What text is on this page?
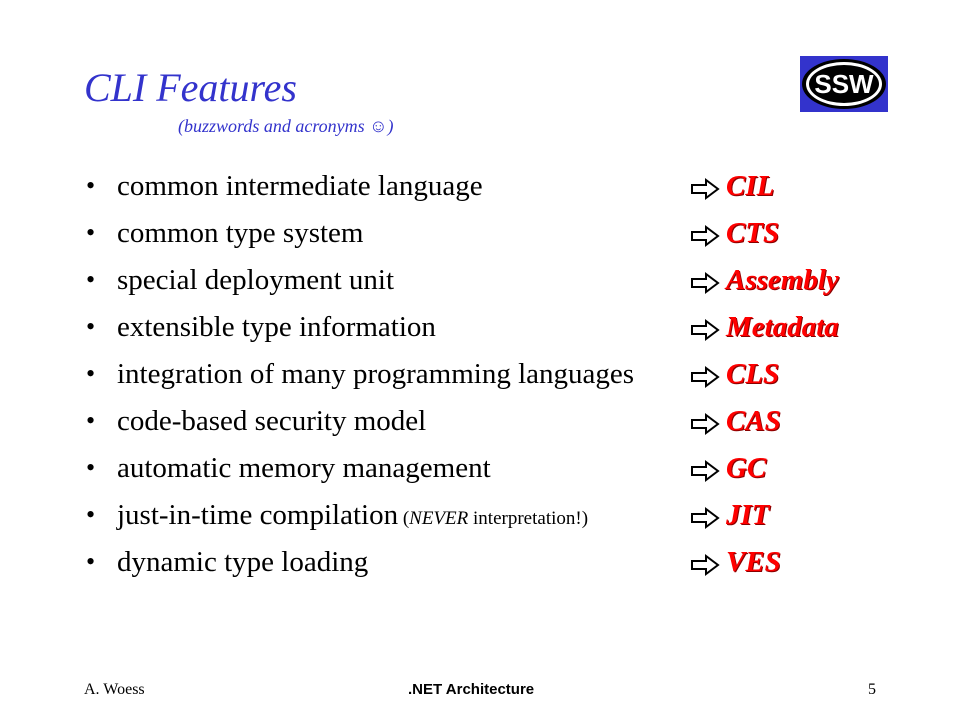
CLI Features
(buzzwords and acronyms ☺)
SSW
• common intermediate language	CIL
• common type system	CTS
• special deployment unit	Assembly
• extensible type information	Metadata
• integration of many programming languages	CLS
• code-based security model	CAS
• automatic memory management	GC
• just-in-time compilation (NEVER interpretation!)	JIT
• dynamic type loading	VES
A. Woess	.NET Architecture	5
